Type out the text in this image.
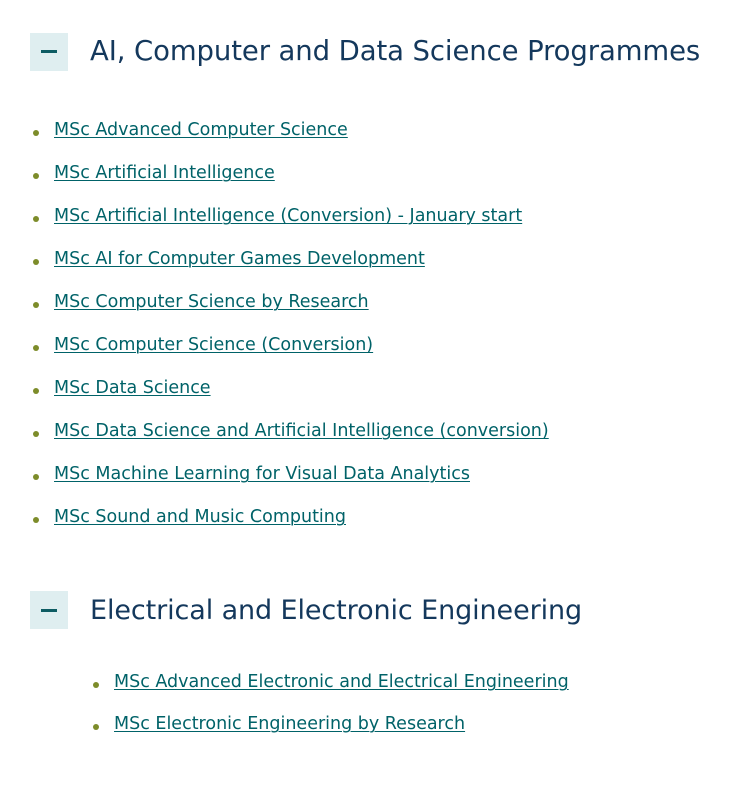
AI, Computer and Data Science Programmes
MSc Advanced Computer Science
MSc Artificial Intelligence
MSc Artificial Intelligence (Conversion) - January start
MSc AI for Computer Games Development
MSc Computer Science by Research
MSc Computer Science (Conversion)
MSc Data Science
MSc Data Science and Artificial Intelligence (conversion)
MSc Machine Learning for Visual Data Analytics
MSc Sound and Music Computing
Electrical and Electronic Engineering
MSc Advanced Electronic and Electrical Engineering
MSc Electronic Engineering by Research
